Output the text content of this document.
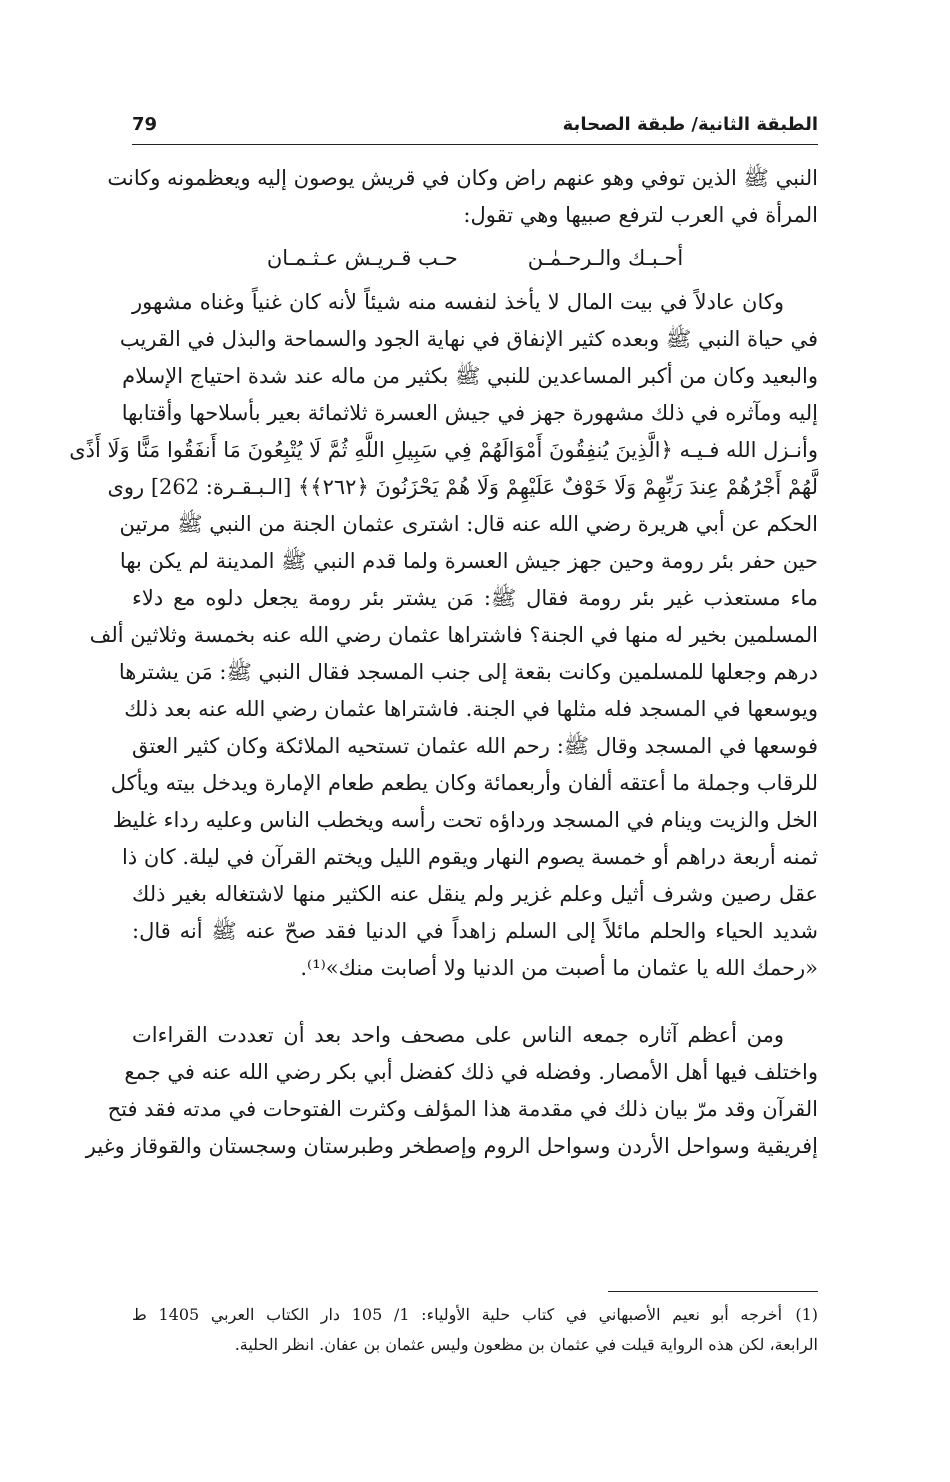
الطبقة الثانية/ طبقة الصحابة
79
النبي ﷺ الذين توفي وهو عنهم راض وكان في قريش يوصون إليه ويعظمونه وكانت
المرأة في العرب لترفع صبيها وهي تقول:
أحـبـك والـرحـمٰـن
حـب قـريـش عـثـمـان
وكان عادلاً في بيت المال لا يأخذ لنفسه منه شيئاً لأنه كان غنياً وغناه مشهور
في حياة النبي ﷺ وبعده كثير الإنفاق في نهاية الجود والسماحة والبذل في القريب
والبعيد وكان من أكبر المساعدين للنبي ﷺ بكثير من ماله عند شدة احتياج الإسلام
إليه ومآثره في ذلك مشهورة جهز في جيش العسرة ثلاثمائة بعير بأسلاحها وأقتابها
وأنـزل الله فـيـه ﴿الَّذِينَ يُنفِقُونَ أَمْوَالَهُمْ فِي سَبِيلِ اللَّهِ ثُمَّ لَا يُتْبِعُونَ مَا أَنفَقُوا مَنًّا وَلَا أَذًى
لَّهُمْ أَجْرُهُمْ عِندَ رَبِّهِمْ وَلَا خَوْفٌ عَلَيْهِمْ وَلَا هُمْ يَحْزَنُونَ ﴿٢٦٢﴾﴾ [الـبـقـرة: 262] روى
الحكم عن أبي هريرة رضي الله عنه قال: اشترى عثمان الجنة من النبي ﷺ مرتين
حين حفر بئر رومة وحين جهز جيش العسرة ولما قدم النبي ﷺ المدينة لم يكن بها
ماء مستعذب غير بئر رومة فقال ﷺ: مَن يشتر بئر رومة يجعل دلوه مع دلاء
المسلمين بخير له منها في الجنة؟ فاشتراها عثمان رضي الله عنه بخمسة وثلاثين ألف
درهم وجعلها للمسلمين وكانت بقعة إلى جنب المسجد فقال النبي ﷺ: مَن يشترها
ويوسعها في المسجد فله مثلها في الجنة. فاشتراها عثمان رضي الله عنه بعد ذلك
فوسعها في المسجد وقال ﷺ: رحم الله عثمان تستحيه الملائكة وكان كثير العتق
للرقاب وجملة ما أعتقه ألفان وأربعمائة وكان يطعم طعام الإمارة ويدخل بيته ويأكل
الخل والزيت وينام في المسجد ورداؤه تحت رأسه ويخطب الناس وعليه رداء غليظ
ثمنه أربعة دراهم أو خمسة يصوم النهار ويقوم الليل ويختم القرآن في ليلة. كان ذا
عقل رصين وشرف أثيل وعلم غزير ولم ينقل عنه الكثير منها لاشتغاله بغير ذلك
شديد الحياء والحلم مائلاً إلى السلم زاهداً في الدنيا فقد صحّ عنه ﷺ أنه قال:
«رحمك الله يا عثمان ما أصبت من الدنيا ولا أصابت منك»⁽¹⁾.
ومن أعظم آثاره جمعه الناس على مصحف واحد بعد أن تعددت القراءات
واختلف فيها أهل الأمصار. وفضله في ذلك كفضل أبي بكر رضي الله عنه في جمع
القرآن وقد مرّ بيان ذلك في مقدمة هذا المؤلف وكثرت الفتوحات في مدته فقد فتح
إفريقية وسواحل الأردن وسواحل الروم وإصطخر وطبرستان وسجستان والقوقاز وغير
(1)أخرجه أبو نعيم الأصبهاني في كتاب حلية الأولياء: 1/ 105 دار الكتاب العربي 1405 ط
الرابعة، لكن هذه الرواية قيلت في عثمان بن مظعون وليس عثمان بن عفان. انظر الحلية.
